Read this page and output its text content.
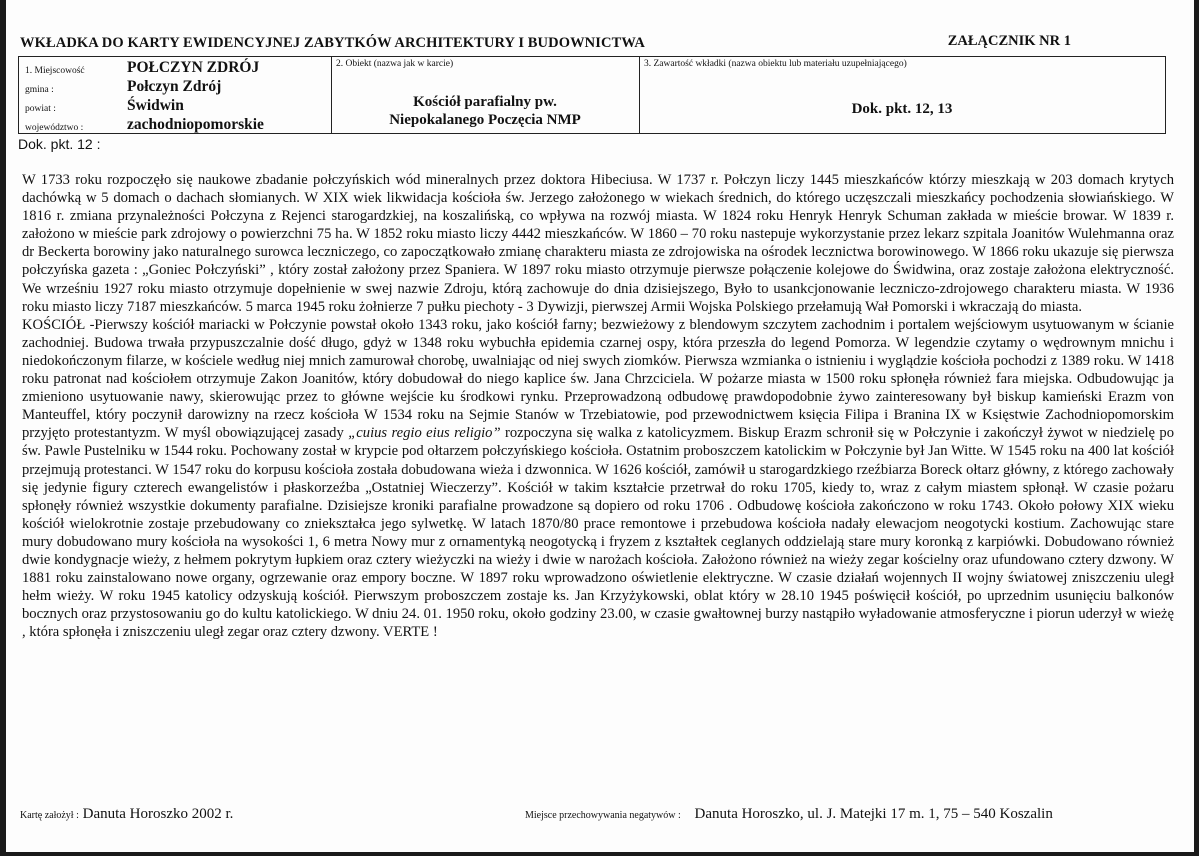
WKŁADKA DO KARTY EWIDENCYJNEJ ZABYTKÓW ARCHITEKTURY I BUDOWNICTWA	ZAŁĄCZNIK NR 1
1. Miejscowość	POŁCZYN ZDRÓJ
gmina :	Połczyn Zdrój
powiat :	Świdwin
województwo :	zachodniopomorskie
2. Obiekt (nazwa jak w karcie)
Kościół parafialny pw.
Niepokalanego Poczęcia NMP
3. Zawartość wkładki (nazwa obiektu lub materiału uzupełniającego)
Dok. pkt. 12, 13
Dok. pkt. 12 :

W 1733 roku rozpoczęło się naukowe zbadanie połczyńskich wód mineralnych przez doktora Hibeciusa. W 1737 r. Połczyn liczy 1445 mieszkańców którzy mieszkają w 203 domach krytych dachówką w 5 domach o dachach słomianych. W XIX wiek likwidacja kościoła św. Jerzego założonego w wiekach średnich, do którego uczęszczali mieszkańcy pochodzenia słowiańskiego. W 1816 r. zmiana przynależności Połczyna z Rejenci starogardzkiej, na koszalińską, co wpływa na rozwój miasta. W 1824 roku Henryk Henryk Schuman zakłada w mieście browar. W 1839 r. założono w mieście park zdrojowy o powierzchni 75 ha. W 1852 roku miasto liczy 4442 mieszkańców. W 1860 – 70 roku nastepuje wykorzystanie przez lekarz szpitala Joanitów Wulehmanna oraz dr Beckerta borowiny jako naturalnego surowca leczniczego, co zapoczątkowało zmianę charakteru miasta ze zdrojowiska na ośrodek lecznictwa borowinowego. W 1866 roku ukazuje się pierwsza połczyńska gazeta : „Goniec Połczyński” , który został założony przez Spaniera. W 1897 roku miasto otrzymuje pierwsze połączenie kolejowe do Świdwina, oraz zostaje założona elektryczność. We wrześniu 1927 roku miasto otrzymuje dopełnienie w swej nazwie Zdroju, którą zachowuje do dnia dzisiejszego, Było to usankcjonowanie leczniczo-zdrojowego charakteru miasta. W 1936 roku miasto liczy 7187 mieszkańców. 5 marca 1945 roku żołnierze 7 pułku piechoty - 3 Dywizji, pierwszej Armii Wojska Polskiego przełamują Wał Pomorski i wkraczają do miasta.

KOŚCIÓŁ -Pierwszy kościół mariacki w Połczynie powstał około 1343 roku, jako kościół farny; bezwieżowy z blendowym szczytem zachodnim i portalem wejściowym usytuowanym w ścianie zachodniej. Budowa trwała przypuszczalnie dość długo, gdyż w 1348 roku wybuchła epidemia czarnej ospy, która przeszła do legend Pomorza. W legendzie czytamy o wędrownym mnichu i niedokończonym filarze, w kościele według niej mnich zamurował chorobę, uwalniając od niej swych ziomków. Pierwsza wzmianka o istnieniu i wyglądzie kościoła pochodzi z 1389 roku. W 1418 roku patronat nad kościołem otrzymuje Zakon Joanitów, który dobudował do niego kaplice św. Jana Chrzciciela. W pożarze miasta w 1500 roku spłonęła również fara miejska. Odbudowując ja zmieniono usytuowanie nawy, skierowując przez to główne wejście ku środkowi rynku. Przeprowadzoną odbudowę prawdopodobnie żywo zainteresowany był biskup kamieński Erazm von Manteuffel, który poczynił darowizny na rzecz kościoła W 1534 roku na Sejmie Stanów w Trzebiatowie, pod przewodnictwem księcia Filipa i Branina IX w Księstwie Zachodniopomorskim przyjęto protestantyzm. W myśl obowiązującej zasady „cuius regio eius religio” rozpoczyna się walka z katolicyzmem. Biskup Erazm schronił się w Połczynie i zakończył żywot w niedzielę po św. Pawle Pustelniku w 1544 roku. Pochowany został w krypcie pod ołtarzem połczyńskiego kościoła. Ostatnim proboszczem katolickim w Połczynie był Jan Witte. W 1545 roku na 400 lat kościół przejmują protestanci. W 1547 roku do korpusu kościoła została dobudowana wieża i dzwonnica. W 1626 kościół, zamówił u starogardzkiego rzeźbiarza Boreck ołtarz główny, z którego zachowały się jedynie figury czterech ewangelistów i płaskorzeźba „Ostatniej Wieczerzy”. Kościół w takim kształcie przetrwał do roku 1705, kiedy to, wraz z całym miastem spłonął. W czasie pożaru spłonęły również wszystkie dokumenty parafialne. Dzisiejsze kroniki parafialne prowadzone są dopiero od roku 1706 . Odbudowę kościoła zakończono w roku 1743. Około połowy XIX wieku kościół wielokrotnie zostaje przebudowany co zniekształca jego sylwetkę. W latach 1870/80 prace remontowe i przebudowa kościoła nadały elewacjom neogotycki kostium. Zachowując stare mury dobudowano mury kościoła na wysokości 1, 6 metra Nowy mur z ornamentyką neogotycką i fryzem z kształtek ceglanych oddzielają stare mury koronką z karpiówki. Dobudowano również dwie kondygnacje wieży, z hełmem pokrytym łupkiem oraz cztery wieżyczki na wieży i dwie w narożach kościoła. Założono również na wieży zegar kościelny oraz ufundowano cztery dzwony. W 1881 roku zainstalowano nowe organy, ogrzewanie oraz empory boczne. W 1897 roku wprowadzono oświetlenie elektryczne. W czasie działań wojennych II wojny światowej zniszczeniu uległ hełm wieży. W roku 1945 katolicy odzyskują kościół. Pierwszym proboszczem zostaje ks. Jan Krzyżykowski, oblat który w 28.10 1945 poświęcił kościół, po uprzednim usunięciu balkonów bocznych oraz przystosowaniu go do kultu katolickiego. W dniu 24. 01. 1950 roku, około godziny 23.00, w czasie gwałtownej burzy nastąpiło wyładowanie atmosferyczne i piorun uderzył w wieżę , która spłonęła i zniszczeniu uległ zegar oraz cztery dzwony. VERTE !

Kartę założył : Danuta Horoszko 2002 r.	Miejsce przechowywania negatywów : Danuta Horoszko, ul. J. Matejki 17 m. 1, 75 – 540 Koszalin
